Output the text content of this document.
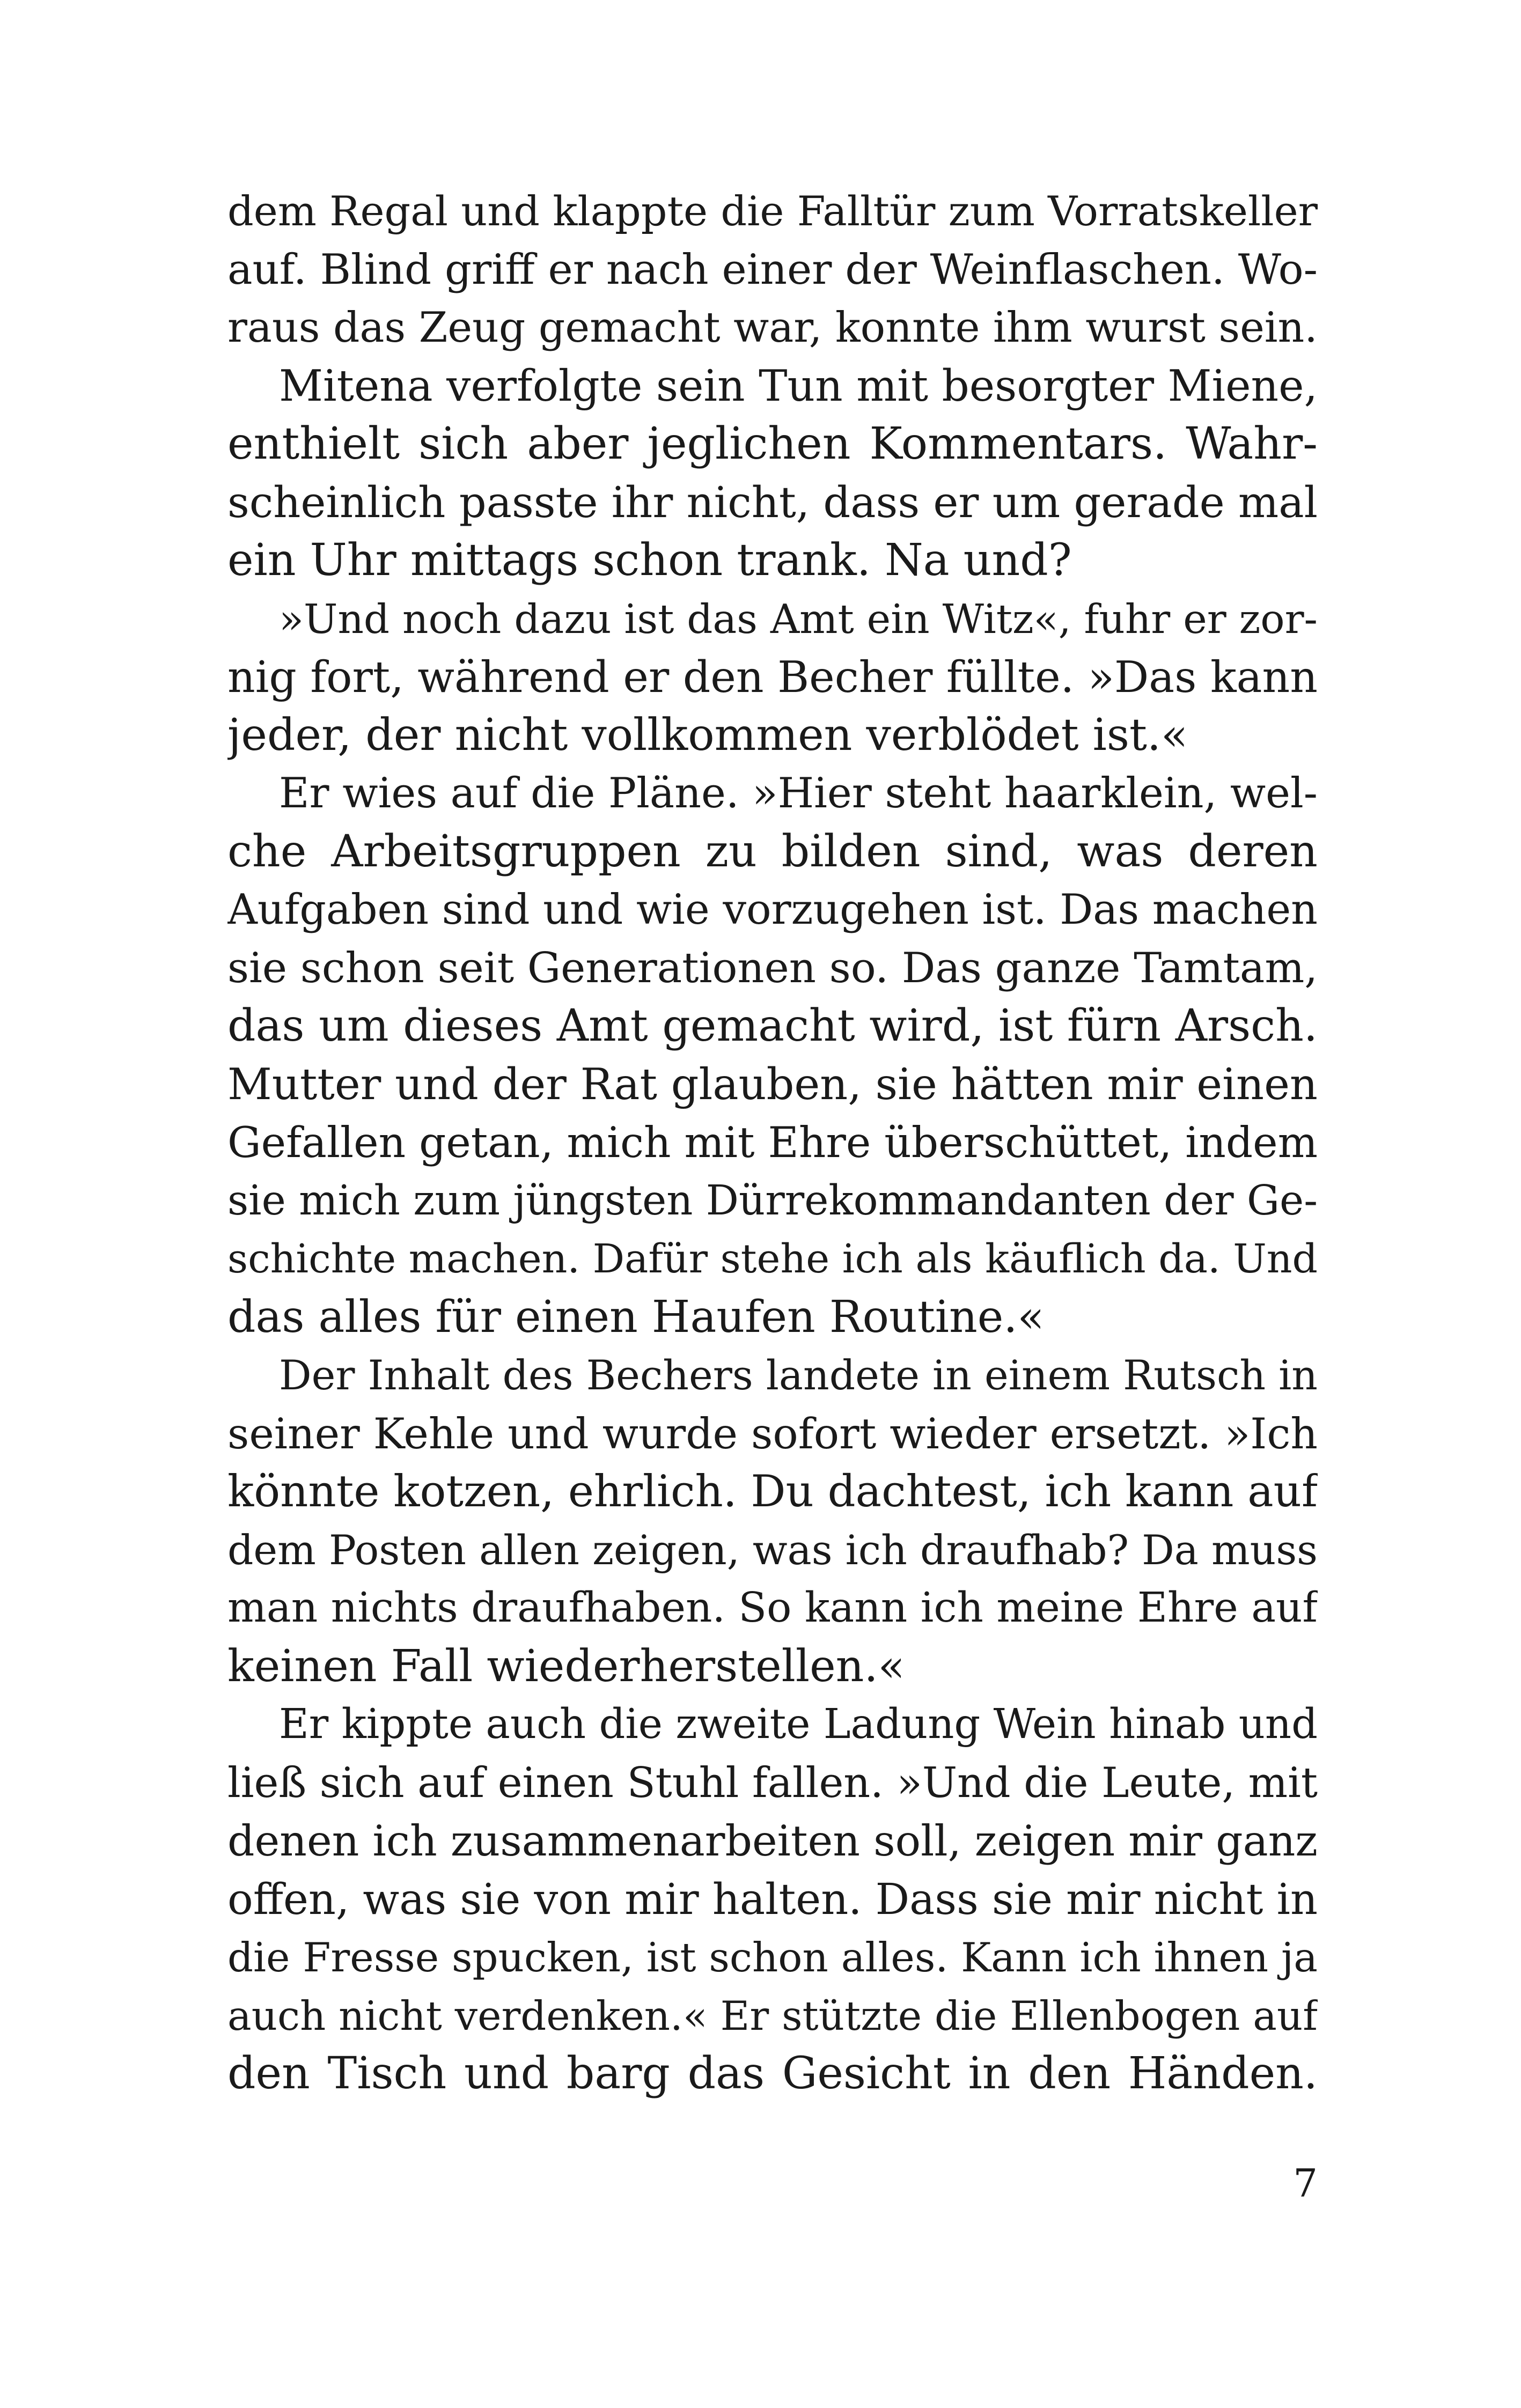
dem Regal und klappte die Falltür zum Vorratskeller
auf. Blind griff er nach einer der Weinflaschen. Wo-
raus das Zeug gemacht war, konnte ihm wurst sein.
Mitena verfolgte sein Tun mit besorgter Miene,
enthielt sich aber jeglichen Kommentars. Wahr-
scheinlich passte ihr nicht, dass er um gerade mal
ein Uhr mittags schon trank. Na und?
»Und noch dazu ist das Amt ein Witz«, fuhr er zor-
nig fort, während er den Becher füllte. »Das kann
jeder, der nicht vollkommen verblödet ist.«
Er wies auf die Pläne. »Hier steht haarklein, wel-
che Arbeitsgruppen zu bilden sind, was deren
Aufgaben sind und wie vorzugehen ist. Das machen
sie schon seit Generationen so. Das ganze Tamtam,
das um dieses Amt gemacht wird, ist fürn Arsch.
Mutter und der Rat glauben, sie hätten mir einen
Gefallen getan, mich mit Ehre überschüttet, indem
sie mich zum jüngsten Dürrekommandanten der Ge-
schichte machen. Dafür stehe ich als käuflich da. Und
das alles für einen Haufen Routine.«
Der Inhalt des Bechers landete in einem Rutsch in
seiner Kehle und wurde sofort wieder ersetzt. »Ich
könnte kotzen, ehrlich. Du dachtest, ich kann auf
dem Posten allen zeigen, was ich draufhab? Da muss
man nichts draufhaben. So kann ich meine Ehre auf
keinen Fall wiederherstellen.«
Er kippte auch die zweite Ladung Wein hinab und
ließ sich auf einen Stuhl fallen. »Und die Leute, mit
denen ich zusammenarbeiten soll, zeigen mir ganz
offen, was sie von mir halten. Dass sie mir nicht in
die Fresse spucken, ist schon alles. Kann ich ihnen ja
auch nicht verdenken.« Er stützte die Ellenbogen auf
den Tisch und barg das Gesicht in den Händen.
7
